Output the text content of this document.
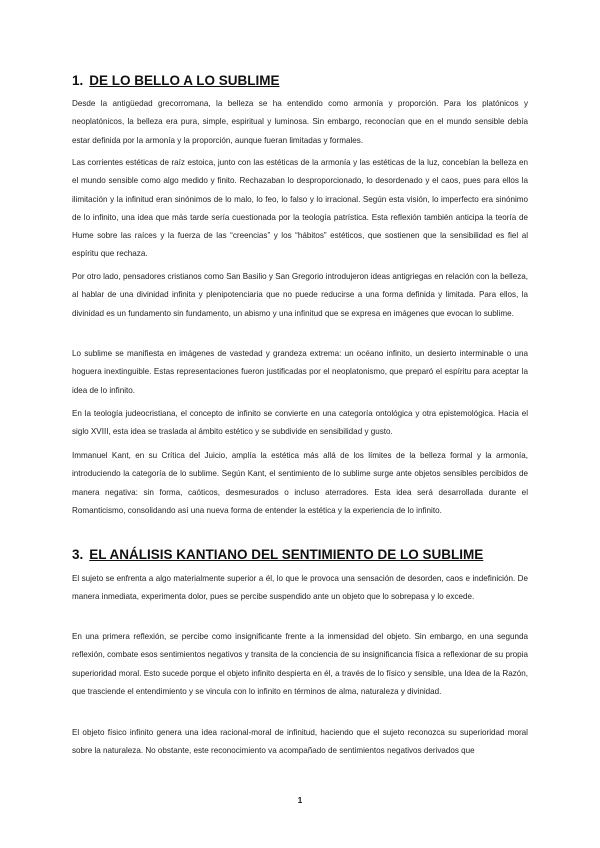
1. DE LO BELLO A LO SUBLIME

Desde la antigüedad grecorromana, la belleza se ha entendido como armonía y proporción. Para los platónicos y neoplatónicos, la belleza era pura, simple, espiritual y luminosa. Sin embargo, reconocían que en el mundo sensible debía estar definida por la armonía y la proporción, aunque fueran limitadas y formales.

Las corrientes estéticas de raíz estoica, junto con las estéticas de la armonía y las estéticas de la luz, concebían la belleza en el mundo sensible como algo medido y finito. Rechazaban lo desproporcionado, lo desordenado y el caos, pues para ellos la ilimitación y la infinitud eran sinónimos de lo malo, lo feo, lo falso y lo irracional. Según esta visión, lo imperfecto era sinónimo de lo infinito, una idea que más tarde sería cuestionada por la teología patrística. Esta reflexión también anticipa la teoría de Hume sobre las raíces y la fuerza de las “creencias” y los “hábitos” estéticos, que sostienen que la sensibilidad es fiel al espíritu que rechaza.

Por otro lado, pensadores cristianos como San Basilio y San Gregorio introdujeron ideas antigriegas en relación con la belleza, al hablar de una divinidad infinita y plenipotenciaria que no puede reducirse a una forma definida y limitada. Para ellos, la divinidad es un fundamento sin fundamento, un abismo y una infinitud que se expresa en imágenes que evocan lo sublime.

Lo sublime se manifiesta en imágenes de vastedad y grandeza extrema: un océano infinito, un desierto interminable o una hoguera inextinguible. Estas representaciones fueron justificadas por el neoplatonismo, que preparó el espíritu para aceptar la idea de lo infinito.

En la teología judeocristiana, el concepto de infinito se convierte en una categoría ontológica y otra epistemológica. Hacia el siglo XVIII, esta idea se traslada al ámbito estético y se subdivide en sensibilidad y gusto.

Immanuel Kant, en su Crítica del Juicio, amplía la estética más allá de los límites de la belleza formal y la armonía, introduciendo la categoría de lo sublime. Según Kant, el sentimiento de lo sublime surge ante objetos sensibles percibidos de manera negativa: sin forma, caóticos, desmesurados o incluso aterradores. Esta idea será desarrollada durante el Romanticismo, consolidando así una nueva forma de entender la estética y la experiencia de lo infinito.

3. EL ANÁLISIS KANTIANO DEL SENTIMIENTO DE LO SUBLIME

El sujeto se enfrenta a algo materialmente superior a él, lo que le provoca una sensación de desorden, caos e indefinición. De manera inmediata, experimenta dolor, pues se percibe suspendido ante un objeto que lo sobrepasa y lo excede.

En una primera reflexión, se percibe como insignificante frente a la inmensidad del objeto. Sin embargo, en una segunda reflexión, combate esos sentimientos negativos y transita de la conciencia de su insignificancia física a reflexionar de su propia superioridad moral. Esto sucede porque el objeto infinito despierta en él, a través de lo físico y sensible, una Idea de la Razón, que trasciende el entendimiento y se vincula con lo infinito en términos de alma, naturaleza y divinidad.

El objeto físico infinito genera una idea racional-moral de infinitud, haciendo que el sujeto reconozca su superioridad moral sobre la naturaleza. No obstante, este reconocimiento va acompañado de sentimientos negativos derivados que

1
